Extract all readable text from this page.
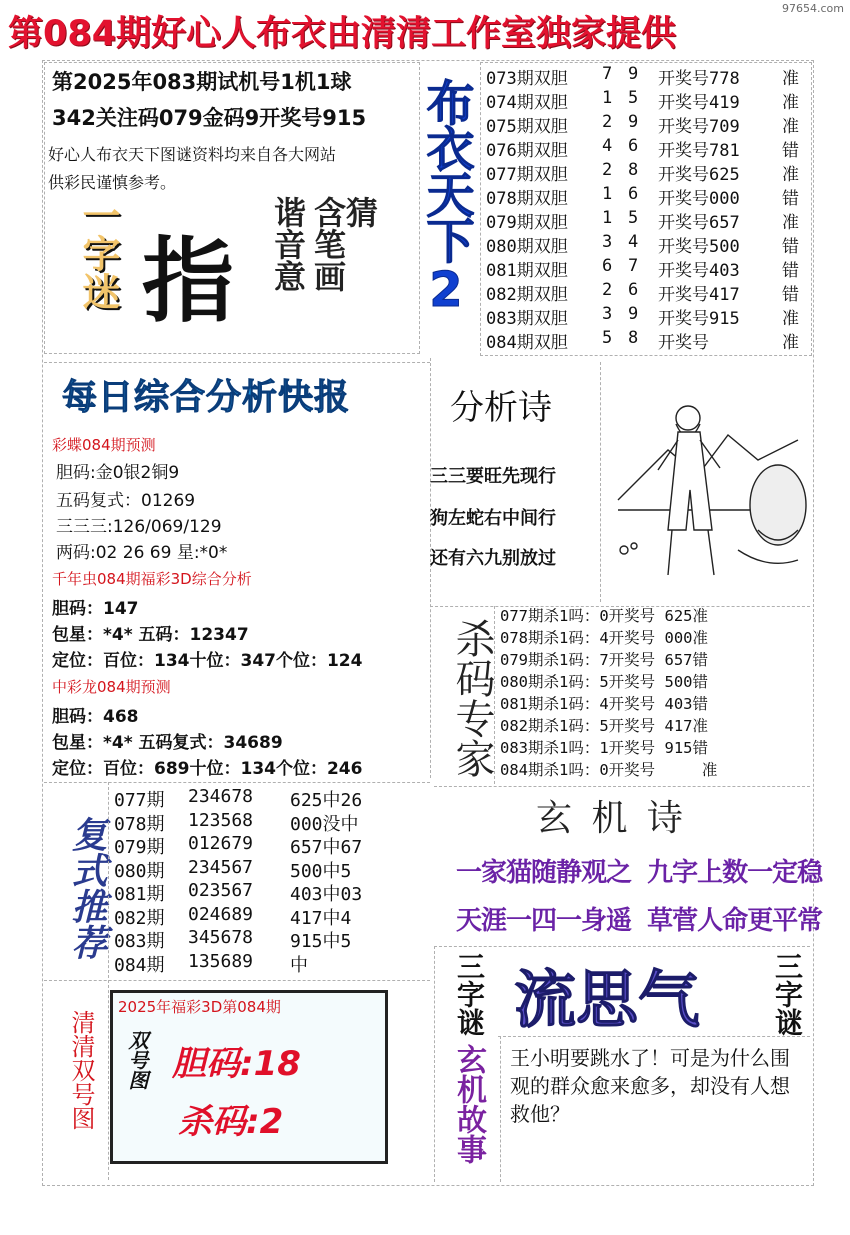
第084期好心人布衣由清清工作室独家提供
97654.com
第2025年083期试机号1机1球
342关注码079金码9开奖号915
好心人布衣天下图谜资料均来自各大网站
供彩民谨慎参考。
一字迷 指 谐音意 含笔画
猜 布衣天下2 073期双胆 7 9 开奖号778 准
074期双胆 1 5 开奖号419 准
075期双胆 2 9 开奖号709 准
076期双胆 4 6 开奖号781 错
077期双胆 2 8 开奖号625 准
078期双胆 1 6 开奖号000 错
079期双胆 1 5 开奖号657 准
080期双胆 3 4 开奖号500 错
081期双胆 6 7 开奖号403 错
082期双胆 2 6 开奖号417 错
083期双胆 3 9 开奖号915 准
084期双胆 5 8 开奖号	准
每日综合分析快报
彩蝶084期预测
胆码:金0银2铜9
五码复式：01269
三三三:126/069/129
两码:02 26 69 星:*0*
千年虫084期福彩3D综合分析
胆码：147
包星：*4* 五码：12347
定位：百位：134十位：347个位：124
中彩龙084期预测
胆码：468
包星：*4* 五码复式：34689
定位：百位：689十位：134个位：246
分析诗
三三要旺先现行
狗左蛇右中间行
还有六九别放过
杀码专家
077期杀1吗：0开奖号 625准
078期杀1码：4开奖号 000准
079期杀1码：7开奖号 657错
080期杀1码：5开奖号 500错
081期杀1码：4开奖号 403错
082期杀1码：5开奖号 417准
083期杀1吗：1开奖号 915错
084期杀1吗：0开奖号     准
复式推荐
077期 234678 625中26
078期 123568 000没中
079期 012679 657中67
080期 234567 500中5
081期 023567 403中03
082期 024689 417中4
083期 345678 915中5
084期 135689 中
玄 机 诗
一家猫随静观之  九字上数一定稳
天涯一四一身遥  草菅人命更平常
清清双号图
2025年福彩3D第084期
双号图 胆码:18
杀码:2
三字谜 流思气	三字谜
玄机故事 王小明要跳水了！可是为什么围观的群众愈来愈多，却没有人想救他？
